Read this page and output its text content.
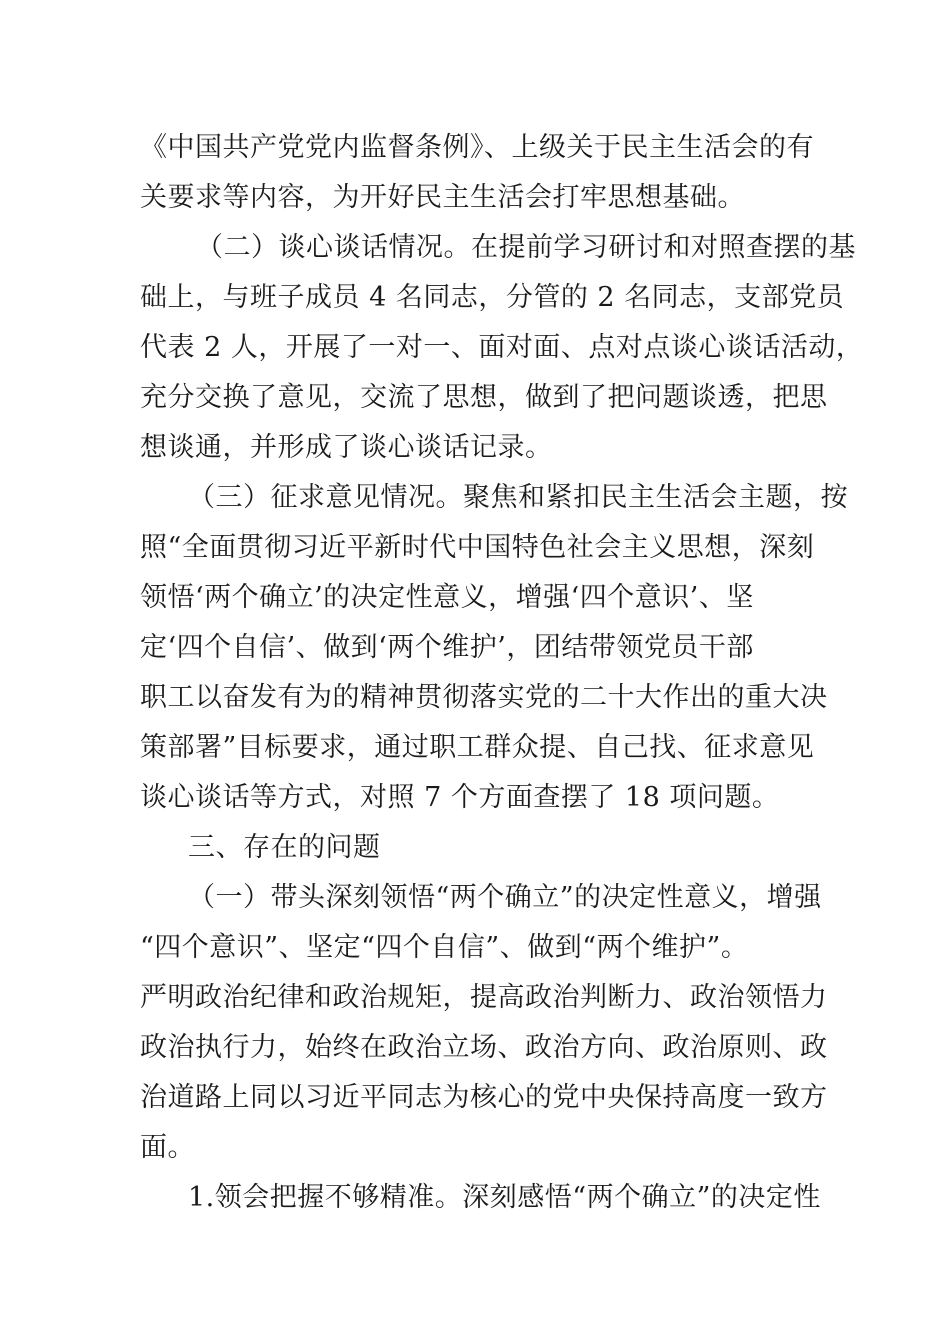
《中国共产党党内监督条例》、上级关于民主生活会的有
关要求等内容，为开好民主生活会打牢思想基础。
（二）谈心谈话情况。在提前学习研讨和对照查摆的基
础上，与班子成员 4 名同志，分管的 2 名同志，支部党员
代表 2 人，开展了一对一、面对面、点对点谈心谈话活动，
充分交换了意见，交流了思想，做到了把问题谈透，把思
想谈通，并形成了谈心谈话记录。
（三）征求意见情况。聚焦和紧扣民主生活会主题，按
照“全面贯彻习近平新时代中国特色社会主义思想，深刻
领悟‘两个确立’的决定性意义，增强‘四个意识’、坚
定‘四个自信’、做到‘两个维护’，团结带领党员干部
职工以奋发有为的精神贯彻落实党的二十大作出的重大决
策部署”目标要求，通过职工群众提、自己找、征求意见
谈心谈话等方式，对照 7 个方面查摆了 18 项问题。
三、存在的问题
（一）带头深刻领悟“两个确立”的决定性意义，增强
“四个意识”、坚定“四个自信”、做到“两个维护”。
严明政治纪律和政治规矩，提高政治判断力、政治领悟力
政治执行力，始终在政治立场、政治方向、政治原则、政
治道路上同以习近平同志为核心的党中央保持高度一致方
面。
1.领会把握不够精准。深刻感悟“两个确立”的决定性
